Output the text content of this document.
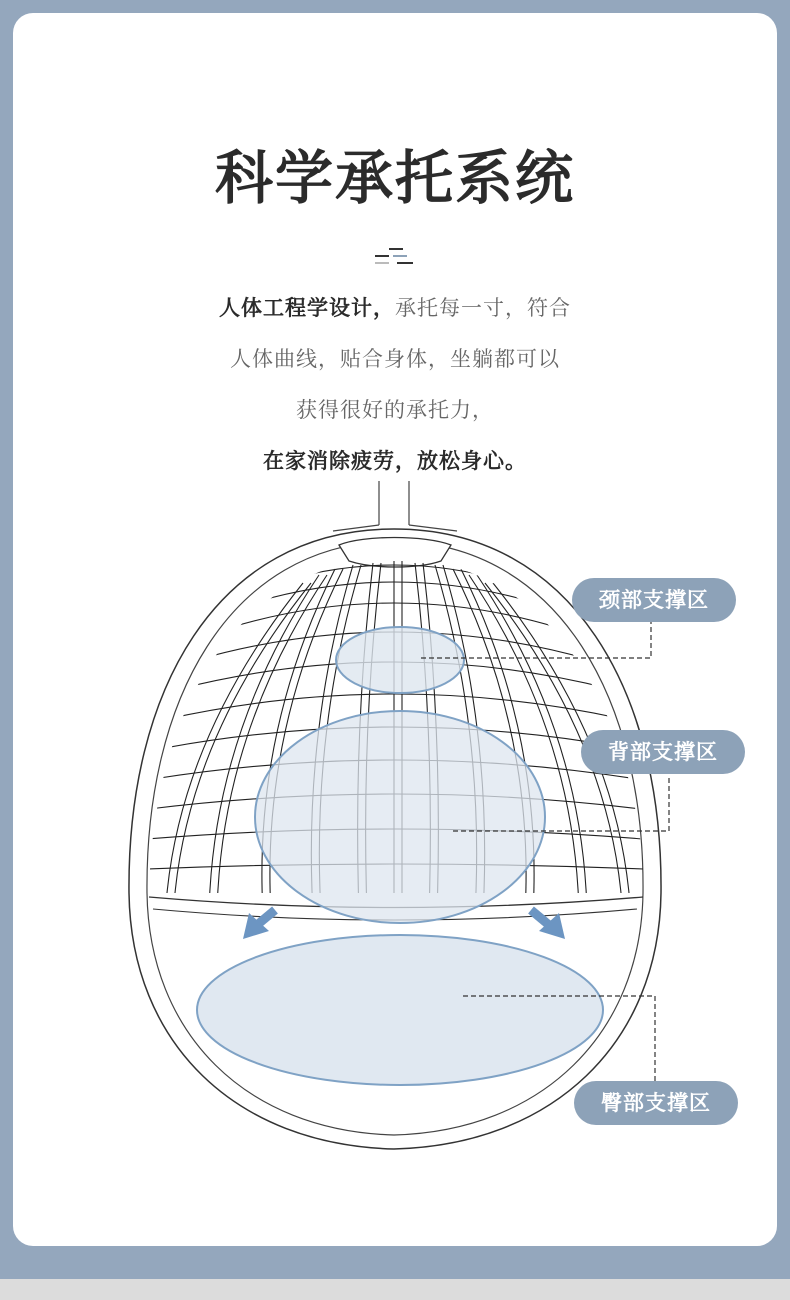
科学承托系统
人体工程学设计，承托每一寸，符合
人体曲线，贴合身体，坐躺都可以
获得很好的承托力，
在家消除疲劳，放松身心。
颈部支撑区
背部支撑区
臀部支撑区
